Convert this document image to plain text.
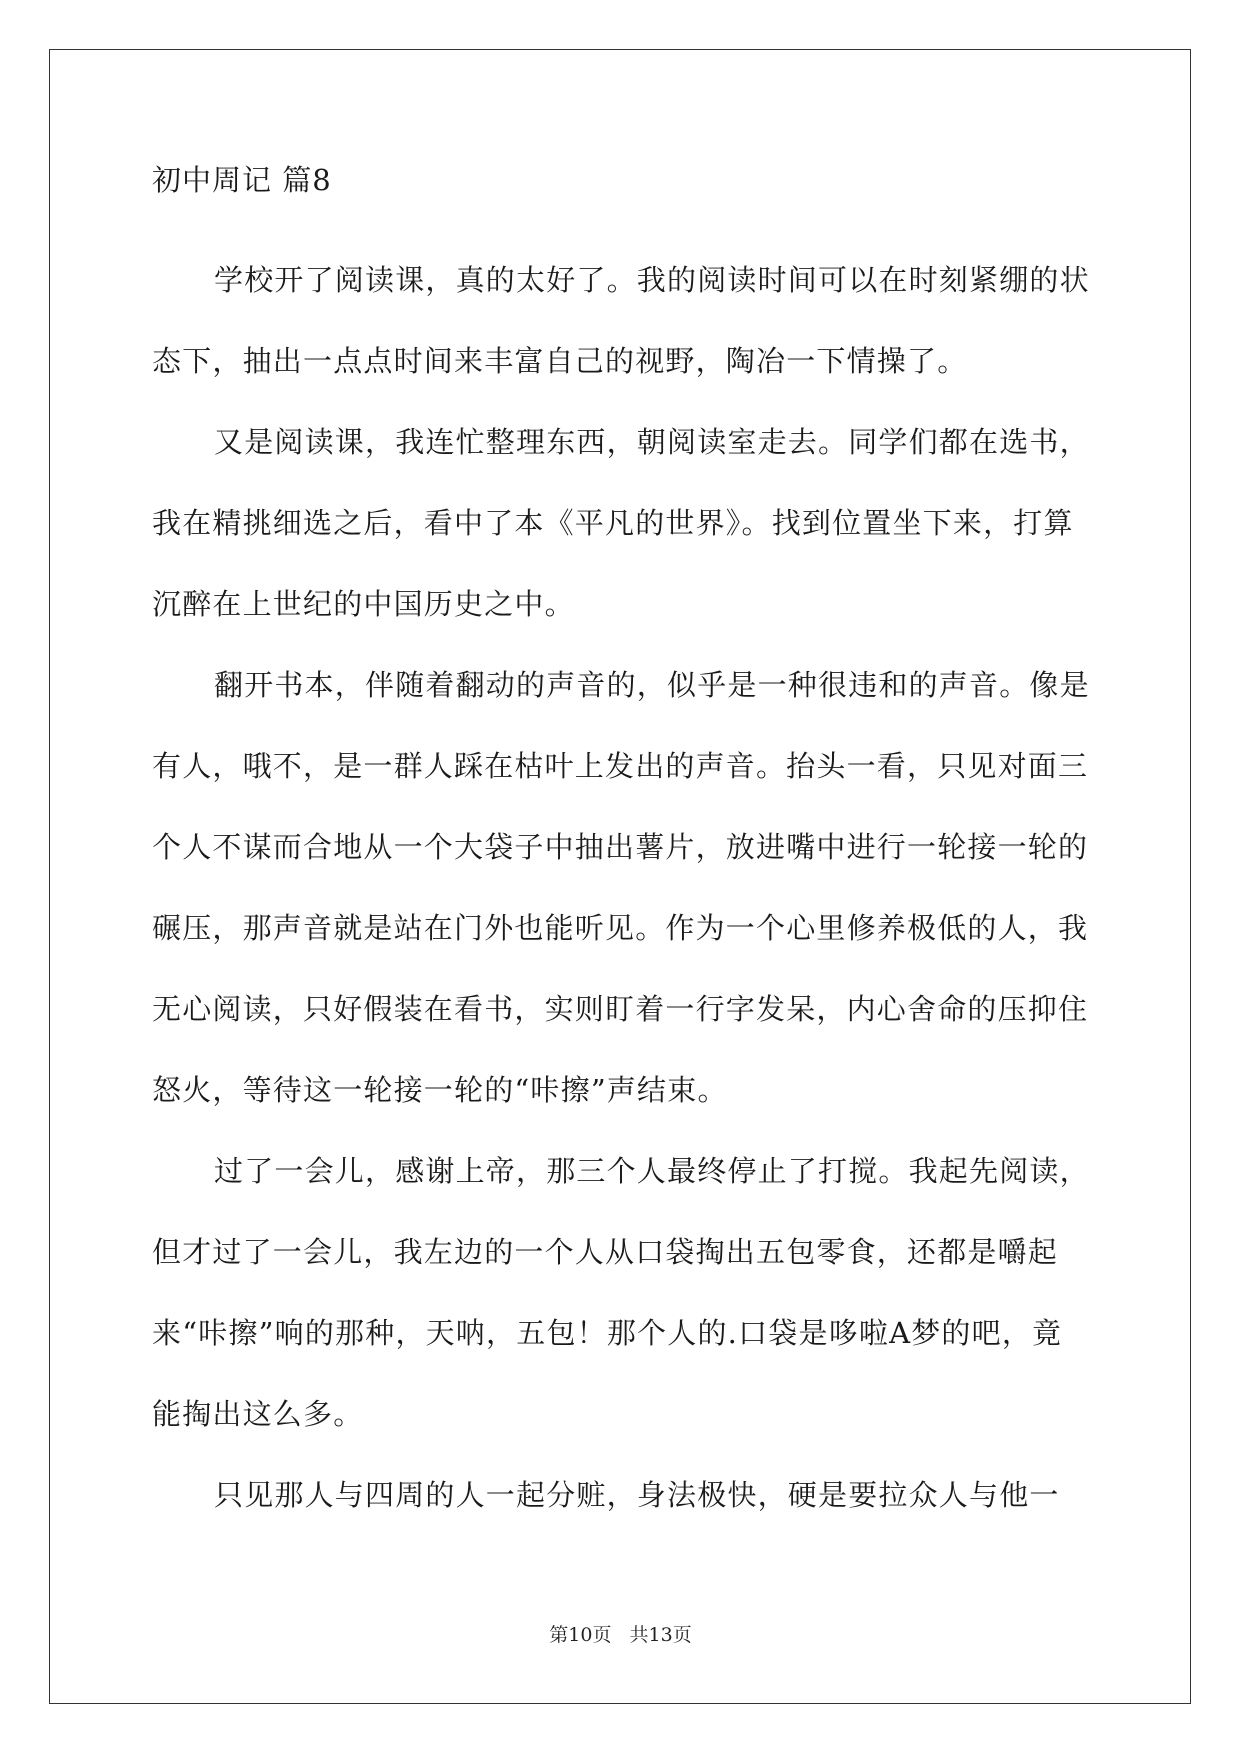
初中周记 篇8

学校开了阅读课，真的太好了。我的阅读时间可以在时刻紧绷的状态下，抽出一点点时间来丰富自己的视野，陶冶一下情操了。

又是阅读课，我连忙整理东西，朝阅读室走去。同学们都在选书，我在精挑细选之后，看中了本《平凡的世界》。找到位置坐下来，打算沉醉在上世纪的中国历史之中。

翻开书本，伴随着翻动的声音的，似乎是一种很违和的声音。像是有人，哦不，是一群人踩在枯叶上发出的声音。抬头一看，只见对面三个人不谋而合地从一个大袋子中抽出薯片，放进嘴中进行一轮接一轮的碾压，那声音就是站在门外也能听见。作为一个心里修养极低的人，我无心阅读，只好假装在看书，实则盯着一行字发呆，内心舍命的压抑住怒火，等待这一轮接一轮的“咔擦”声结束。

过了一会儿，感谢上帝，那三个人最终停止了打搅。我起先阅读，但才过了一会儿，我左边的一个人从口袋掏出五包零食，还都是嚼起来“咔擦”响的那种，天呐，五包！那个人的.口袋是哆啦A梦的吧，竟能掏出这么多。

只见那人与四周的人一起分赃，身法极快，硬是要拉众人与他一

第10页 共13页
